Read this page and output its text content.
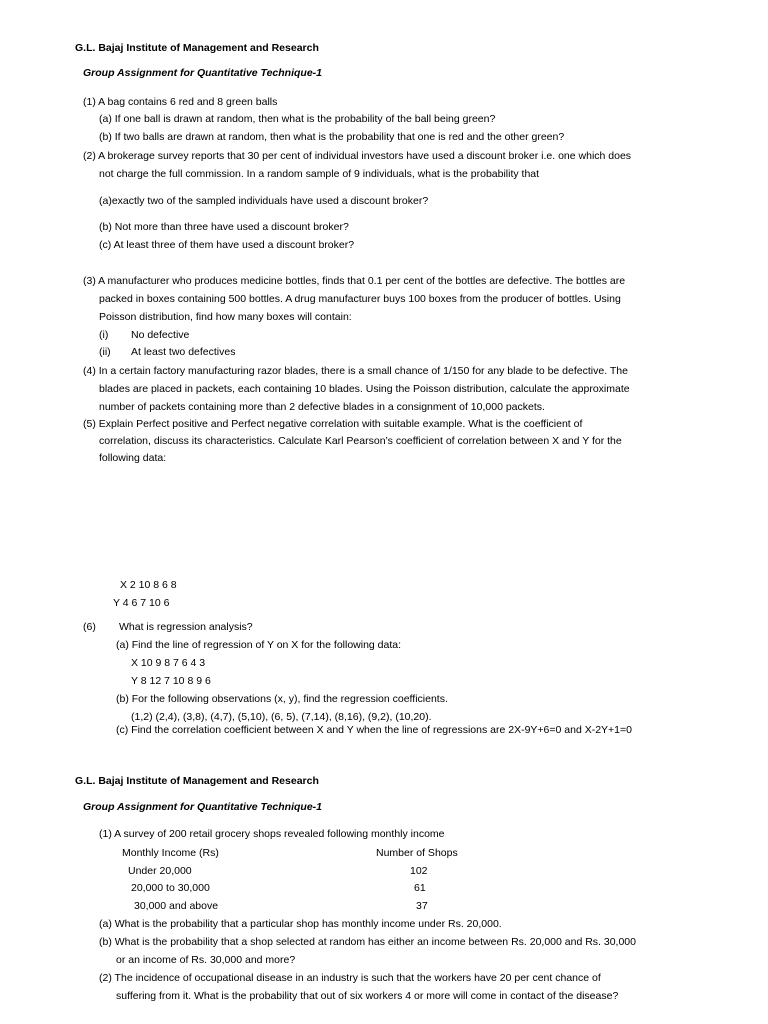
G.L. Bajaj Institute of Management and Research
Group Assignment for Quantitative Technique-1
(1) A bag contains 6 red and 8 green balls
(a) If one ball is drawn at random, then what is the probability of the ball being green?
(b) If two balls are drawn at random, then what is the probability that one is red and the other green?
(2) A brokerage survey reports that 30 per cent of individual investors have used a discount broker i.e. one which does
not charge the full commission. In a random sample of 9 individuals, what is the probability that
(a)exactly two of the sampled individuals have used a discount broker?
(b) Not more than three have used a discount broker?
(c) At least three of them have used a discount broker?
(3) A manufacturer who produces medicine bottles, finds that 0.1 per cent of the bottles are defective. The bottles are
packed in boxes containing 500 bottles. A drug manufacturer buys 100 boxes from the producer of bottles. Using
Poisson distribution, find how many boxes will contain:
(i) No defective
(ii) At least two defectives
(4) In a certain factory manufacturing razor blades, there is a small chance of 1/150 for any blade to be defective. The
blades are placed in packets, each containing 10 blades. Using the Poisson distribution, calculate the approximate
number of packets containing more than 2 defective blades in a consignment of 10,000 packets.
(5) Explain Perfect positive and Perfect negative correlation with suitable example. What is the coefficient of
correlation, discuss its characteristics. Calculate Karl Pearson’s coefficient of correlation between X and Y for the
following data:
X 2 10 8 6 8
Y 4 6 7 10 6
(6) What is regression analysis?
(a) Find the line of regression of Y on X for the following data:
X 10 9 8 7 6 4 3
Y 8 12 7 10 8 9 6
(b) For the following observations (x, y), find the regression coefficients.
(1,2) (2,4), (3,8), (4,7), (5,10), (6, 5), (7,14), (8,16), (9,2), (10,20).
(c) Find the correlation coefficient between X and Y when the line of regressions are 2X-9Y+6=0 and X-2Y+1=0
G.L. Bajaj Institute of Management and Research
Group Assignment for Quantitative Technique-1
(1) A survey of 200 retail grocery shops revealed following monthly income
Monthly Income (Rs)	Number of Shops
Under 20,000	102
20,000 to 30,000	61
30,000 and above	37
(a) What is the probability that a particular shop has monthly income under Rs. 20,000.
(b) What is the probability that a shop selected at random has either an income between Rs. 20,000 and Rs. 30,000
or an income of Rs. 30,000 and more?
(2) The incidence of occupational disease in an industry is such that the workers have 20 per cent chance of
suffering from it. What is the probability that out of six workers 4 or more will come in contact of the disease?
